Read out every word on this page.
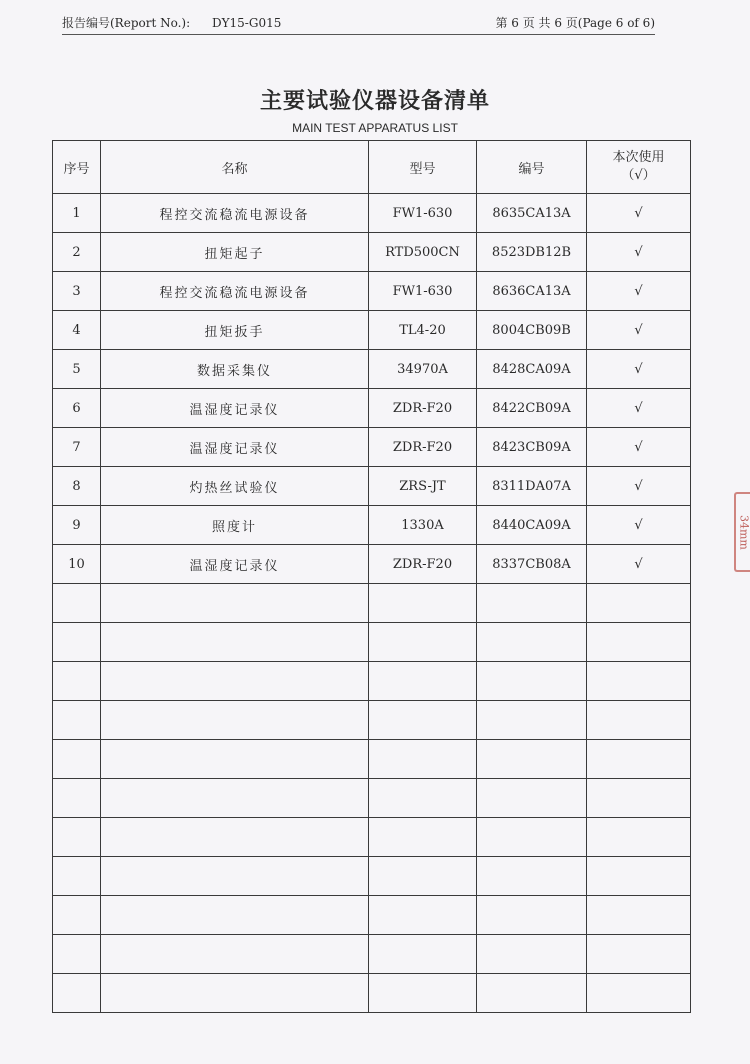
报告编号(Report No.): DY15-G015	第 6 页 共 6 页(Page 6 of 6)
主要试验仪器设备清单
MAIN TEST APPARATUS LIST
序号	名称	型号	编号	本次使用
（√）

1	程控交流稳流电源设备	FW1-630	8635CA13A	√
2	扭矩起子	RTD500CN	8523DB12B	√
3	程控交流稳流电源设备	FW1-630	8636CA13A	√
4	扭矩扳手	TL4-20	8004CB09B	√
5	数据采集仪	34970A	8428CA09A	√
6	温湿度记录仪	ZDR-F20	8422CB09A	√
7	温湿度记录仪	ZDR-F20	8423CB09A	√
8	灼热丝试验仪	ZRS-JT	8311DA07A	√
9	照度计	1330A	8440CA09A	√
10	温湿度记录仪	ZDR-F20	8337CB08A	√

34mm
